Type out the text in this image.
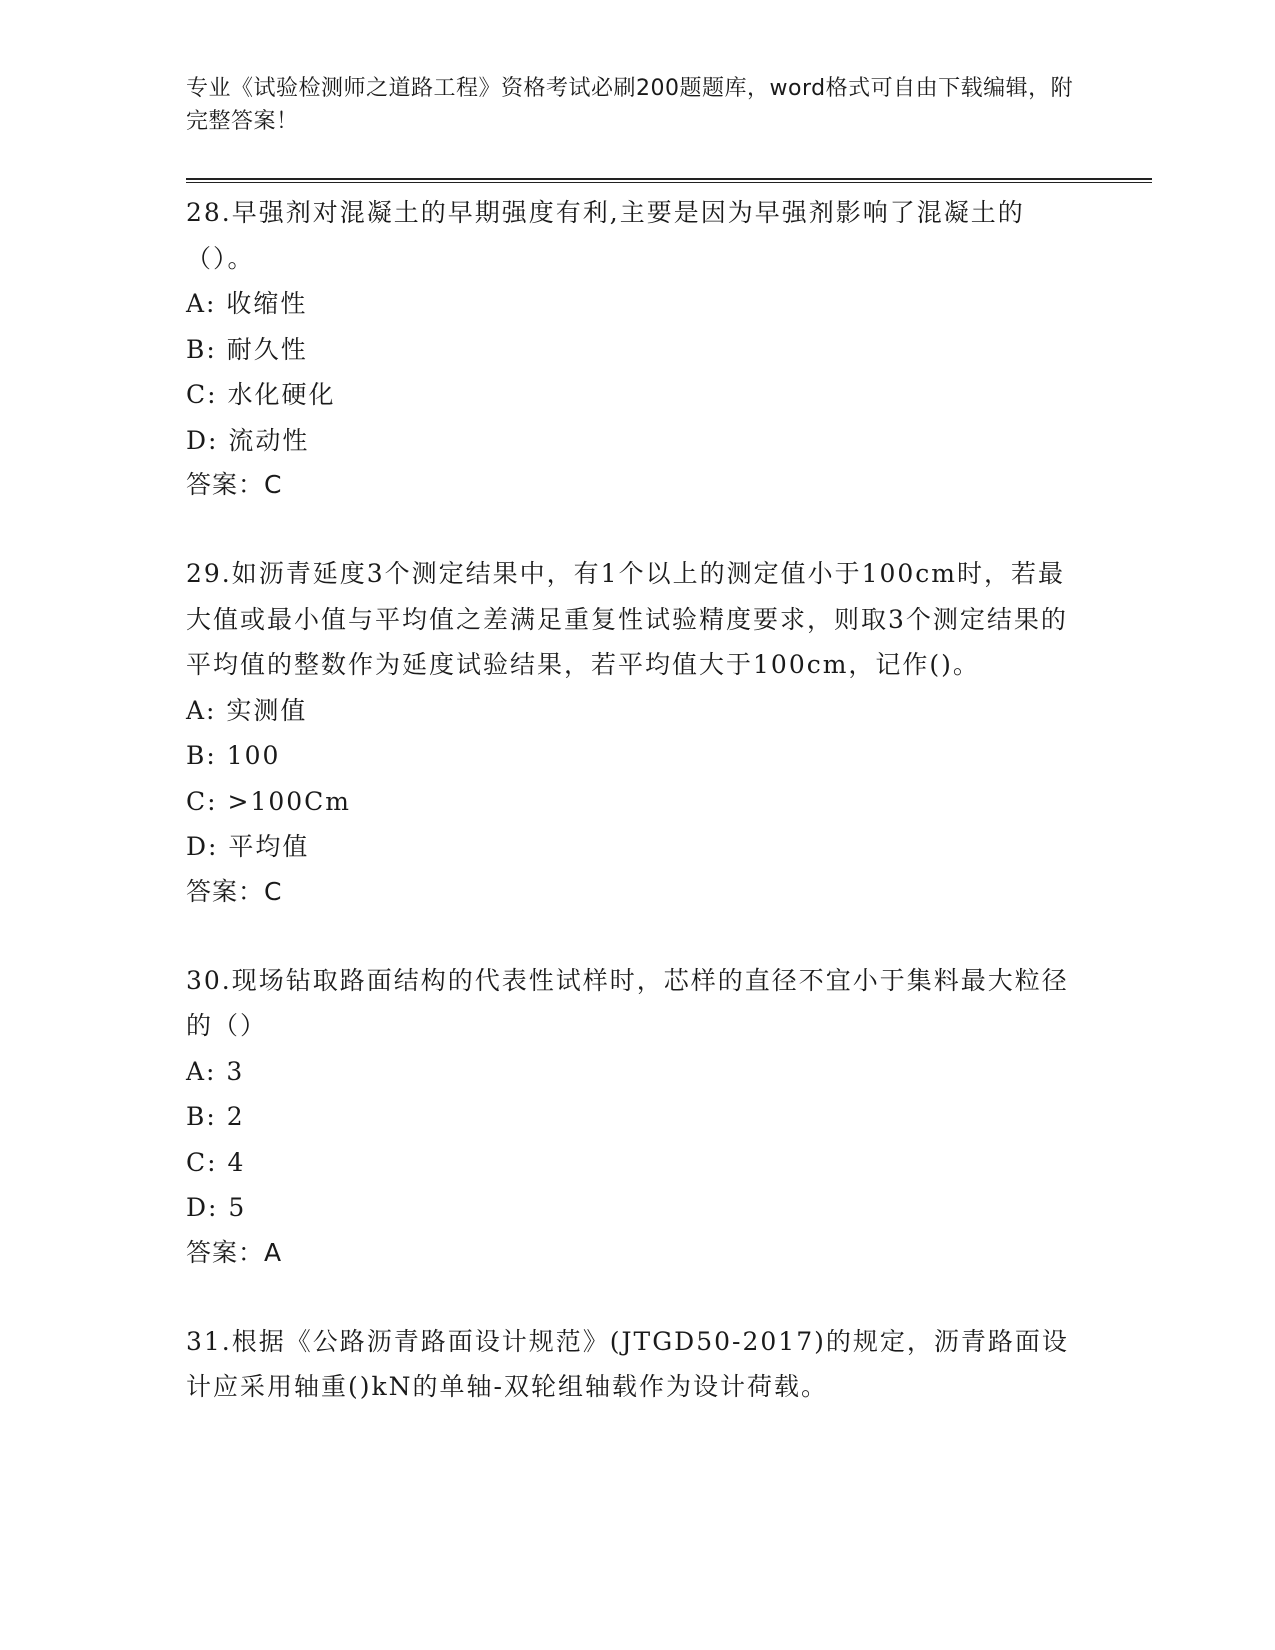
专业《试验检测师之道路工程》资格考试必刷200题题库，word格式可自由下载编辑，附完整答案！

28.早强剂对混凝土的早期强度有利,主要是因为早强剂影响了混凝土的（）。

A: 收缩性

B: 耐久性

C: 水化硬化

D: 流动性

答案：C

29.如沥青延度3个测定结果中，有1个以上的测定值小于100cm时，若最大值或最小值与平均值之差满足重复性试验精度要求，则取3个测定结果的平均值的整数作为延度试验结果，若平均值大于100cm，记作()。

A: 实测值

B: 100

C: >100Cm

D: 平均值

答案：C

30.现场钻取路面结构的代表性试样时，芯样的直径不宜小于集料最大粒径的（）

A: 3

B: 2

C: 4

D: 5

答案：A

31.根据《公路沥青路面设计规范》(JTGD50-2017)的规定，沥青路面设计应采用轴重()kN的单轴-双轮组轴载作为设计荷载。
